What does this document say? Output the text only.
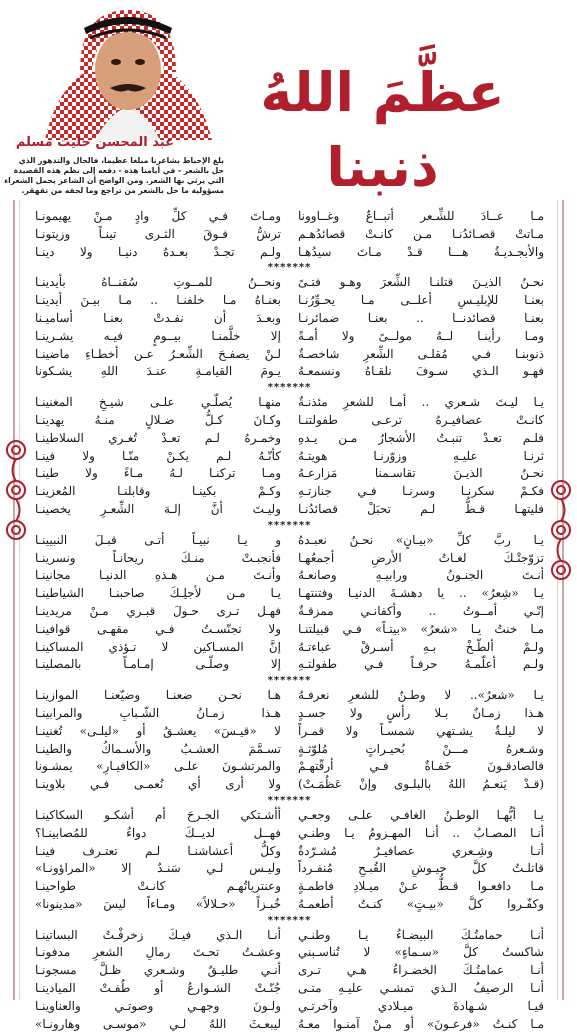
عظَّمَ اللهُ ذنبنا
عبد المحسن حليت مسلم
بلغ الإحباط بشاعرنا مبلغا عظيما، فالحال والتدهور الذي حل بالشعر - في أيامنا هذه - دفعه إلى نظم هذه القصيدة التي يرثي بها الشعر. ومن الواضح أن الشاعر يحمل الشعراء مسؤولية ما حل بالشعر من تراجع وما لحقه من تقهقر.
مـا عــادَ للشِّـعر أتبــاعٌ وغــاوونا
ومـاتَ فـي كلِّ وادٍ مـنْ يهيمونـا
مـاتتْ قصـائدُنـا مـن كانـتْ قصائدُهـم
ترشُّ فـوقَ الثـرى تينـاً وزيتونـا
والأبجـديـةُ هـــا قـدْ مـاتَ سيدُهـا
ولـم تجـدْ بعـدهُ دنيـا ولا دينـا
*******
نحـنُ الذيـنَ قتلنـا الشِّعرَ وهـو فتـىً
ونحــنُ للمــوتِ سُقنــاهُ بأيدينـا
بعنـا للإبليـسِ أعلــى مـا يحـوِّرُنـا
بعنـاهُ مـا خلفنـا .. مـا بيـنَ أيدينـا
بعنـا قصائدنــا .. بعنـا ضمائرنـا
وبعـدَ أن نفـدتْ بعنـا أساميـنا
ومـا رأينـا لــهُ مولــىً ولا أمـةً
إلا خلَّمنـا بيــومٍ فيـه يشـرينـا
ذنوبنـا فـي مُقلـى الشِّعرِ شاخصـةٌ
لـنْ يصفـحَ الشِّعـرُ عـن أخطـاءِ ماضينـا
فهـو الـذي سـوفَ نلقـاهُ ونسمعـهُ
يـومَ القيامـةِ عنـدَ اللهِ يشـكونا
*******
يـا ليـتَ شـعري .. أمـا للشعرِ مئذنـةٌ
منهـا يُصلّـي علـى شيـخِ المغنينـا
كانـتْ عصافيـرهُ ترعـى طفولتنـا
وكـانَ كـلُّ ضـلالٍ منـهُ يهدينـا
فلـم تعـدْ تنبـتُ الأشجارُ مـن يـدهِ
وخمـرهُ لـم تعـدْ تُغـري السلاطينـا
ثرنـا عليـهِ وزوّرنـا هويتـهُ
كأنّـهُ لـم يكـنْ منّـا ولا فينـا
نحـنُ الذيـنَ تقاسـمنا مَزارعـهُ
ومـا تركنـا لـهُ مـاءً ولا طينـا
فكـمْ سكرنـا وسرنـا فـي جنازتـهِ
وكـمْ بكينـا وقابلنـا المُعزينـا
فليتهـا قـطُّ لـم تحبَلْ قصائدُنـا
وليـتَ أنَّ إلـهَ الشِّعـرِ يخصينـا
*******
يـا ربَّ كلِّ «بيـانٍ» نحـنُ نعبـدهُ
و يـا نبيـاً أتـى قبـلَ النبيينـا
تزوّجتْـكَ لغـاتُ الأرضِ أجمعُهـا
فأنجبـتْ منـكَ ريحانـاً ونسرينـا
أنـتَ الجنـونُ ورابيـهِ وصانعـهُ
وأنـتَ مـن هـذهِ الدنيـا مجانينـا
يـا «شِعرُ» .. يا دهشـةَ الدنيـا وفتنتهـا
يـا مـن لأجلِـكَ صاحبنـا الشياطينـا
إنّـي أمــوتُ .. وأكفانـي ممزقـةٌ
فهـل تـرى حـولَ قبـري مـنْ مريدينـا
مـا خنتُ يـا «شعرُ» «بيتـاً» فـي قبيلتنـا
ولا تجنّسـتُ فـي مقهـى قوافينـا
ولـمْ ألطّـخْ بـهِ أسـرقْ عباءتـهُ
إنَّ المسـاكين لا تـؤذي المساكينـا
ولـم أعلّمـهُ حرفـاً فـي طفولتـهِ
إلا وصلّـى إمـامـاً بالمصلينـا
*******
يـا «شعرُ».. لا وطـنٌ للشعرِ نعرفـهُ
هـا نحـن ضعنـا وضيّعنـا الموازينـا
هـذا زمـانٌ بـلا رأسٍ ولا جسـدٍ
هـذا زمـانُ الشّـبابِ والمرابينـا
لا ليلـةٌ يشـتهي شمسـاً ولا قمـراً
لا «قيـسَ» يعشـقُ أو «ليلـى» تُغنينـا
وشـعرهُ مـــنْ بُحيـراتٍ مُلوّثـةٍ
تسـمَّمَ العشـبُ والأسـماكُ والطينـا
فالصادقـونَ خَفـاةٌ فـي أرقّتهـمْ
والمرتشـونَ علـى «الكافيـارِ» يمشـونا
(قـدْ يَنعـمُ اللهُ بالبلـوى وإنْ عَظُمَـتْ)
ولا أرى أي نُعمـى فـي بلاوينـا
*******
يـا أيُّهـا الوطـنُ الغافـي علـى وجعـي
أأشـتكي الجـرحَ أم أشكـو السكاكينـا
أنـا المصـابُ .. أنـا المهـزومُ يـا وطنـي
فهــل لديــكَ دواءُ للمُصابينـا؟
أنـا وشِـعري عصافيـرٌ مُشـرّدةٌ
وكلُّ أعشاشنـا لـم تعتـرف فينـا
قاتلـتُ كلَّ جيـوشِ القُبـحِ مُنفـرداً
وليـس لـي سَنـدٌ إلا «المراؤونـا»
مـا دافعـوا قـطُّ عـنْ ميـلادِ فاطمـةٍ
وعنترياتُهـم كانـتْ طواحينـا
وكفّـروا كلَّ «بيـتٍ» كنـتُ أطعمـهُ
خُبـزاً «حـلالاً» ومـاءاً ليسَ «مدينونا»
*******
أنـا حمامتُـكَ البيضـاءُ يـا وطنـي
أنـا الـذي فيـكَ زخرفْـتُ البساتينـا
شاكستُ كلَّ «سـماءٍ» لا تُناسـبني
وعشـتُ تحـتَ رمالِ الشعرِ مدفونـا
أنـا عمامتُـكَ الخضـراءُ هـي تـرى
أنـي طليـقٌ وشـعري ظـلَّ مسجونـا
أنـا الرصيفُ الـذي تمشـي عليـهِ متـى
جُنّـتْ الشـوارعُ أو طُفـتْ الميادينـا
فيـا شـهادةَ ميـلادي وآخرتـي
ولـونَ وجهـي وصوتـي والعناوينـا
مـا كنـتُ «فرعـونَ» أو مـنْ آمنـوا معـهُ
ليبعـثَ اللهُ لـي «موسـى وهارونـا»
